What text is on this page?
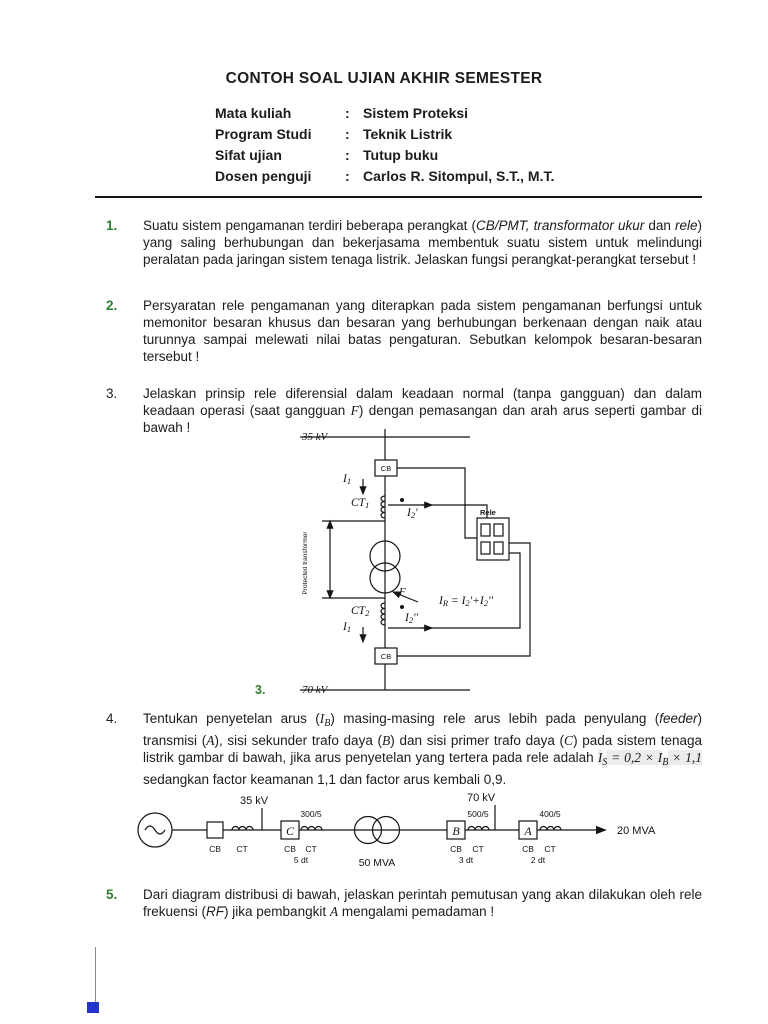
CONTOH SOAL UJIAN AKHIR SEMESTER
Mata kuliah	: Sistem Proteksi
Program Studi	: Teknik Listrik
Sifat ujian	: Tutup buku
Dosen penguji	: Carlos R. Sitompul, S.T., M.T.
1.	Suatu sistem pengamanan terdiri beberapa perangkat (CB/PMT, transformator ukur dan rele) yang saling berhubungan dan bekerjasama membentuk suatu sistem untuk melindungi peralatan pada jaringan sistem tenaga listrik. Jelaskan fungsi perangkat-perangkat tersebut !
2.	Persyaratan rele pengamanan yang diterapkan pada sistem pengamanan berfungsi untuk memonitor besaran khusus dan besaran yang berhubungan berkenaan dengan naik atau turunnya sampai melewati nilai batas pengaturan. Sebutkan kelompok besaran-besaran tersebut !
3.	Jelaskan prinsip rele diferensial dalam keadaan normal (tanpa gangguan) dan dalam keadaan operasi (saat gangguan F) dengan pemasangan dan arah arus seperti gambar di bawah !
35 kV
70 kV
CB
CB
Rele
Protected transformer	F
3.
$I_1$
$CT_1$
$I_2'$
$CT_2$	$I_2''$
$I_1$
$I_R = I_2'+I_2''$
4.	Tentukan penyetelan arus $(I_B)$ masing-masing rele arus lebih pada penyulang (feeder) transmisi (A), sisi sekunder trafo daya (B) dan sisi primer trafo daya (C) pada sistem tenaga listrik gambar di bawah, jika arus penyetelan yang tertera pada rele adalah $I_S = 0,2 \times I_B \times 1,1$ sedangkan factor keamanan 1,1 dan factor arus kembali 0,9.
CB CT
35 kV
C
300/5
CB CT
5 dt	50 MVA
70 kV
B
500/5
CB CT
3 dt
A
400/5
CB CT
2 dt
20 MVA
5.	Dari diagram distribusi di bawah, jelaskan perintah pemutusan yang akan dilakukan oleh rele frekuensi (RF) jika pembangkit A mengalami pemadaman !
